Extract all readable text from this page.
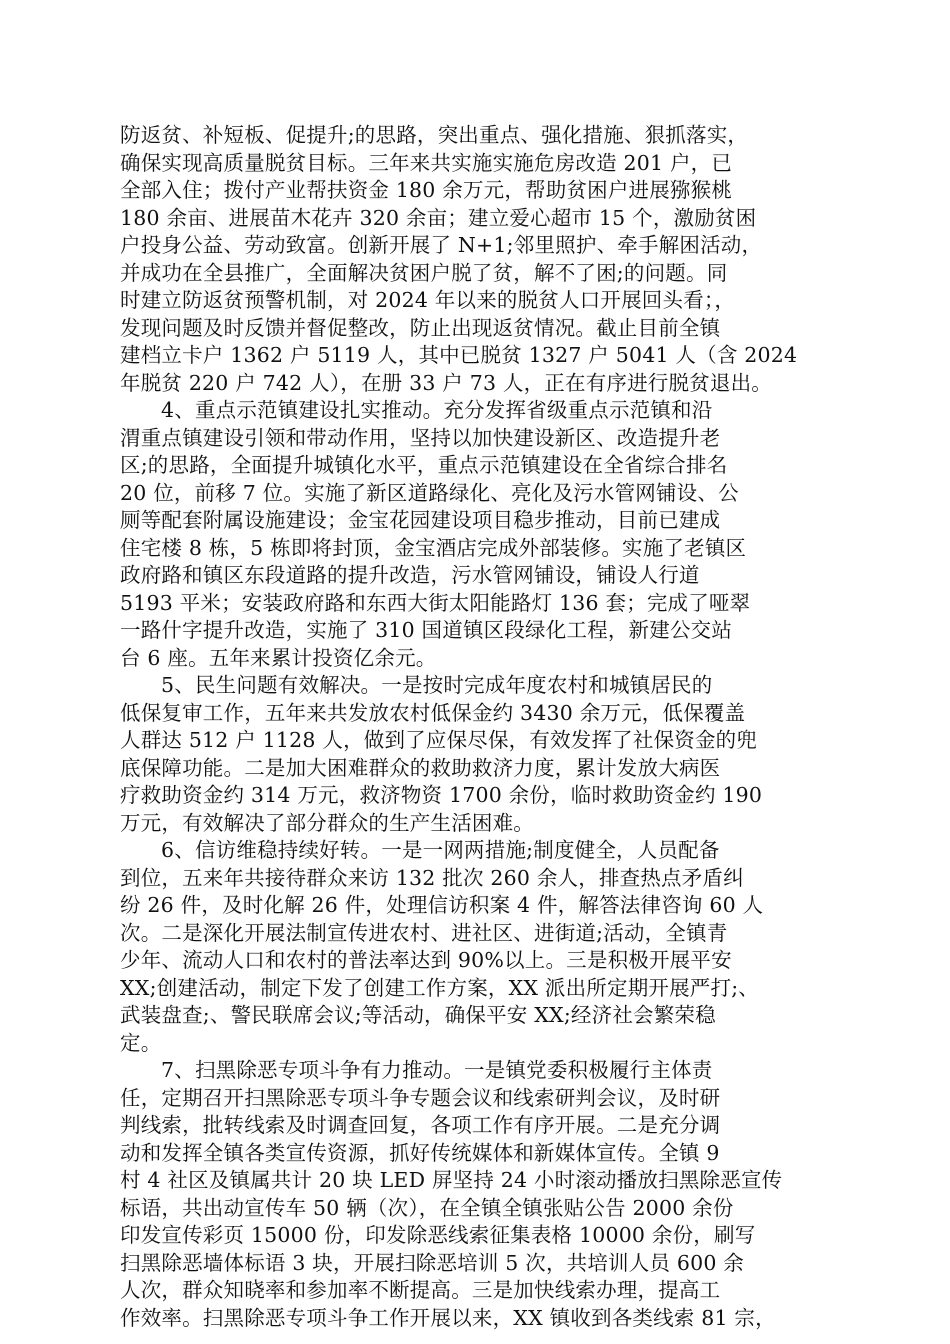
防返贫、补短板、促提升;的思路，突出重点、强化措施、狠抓落实，
确保实现高质量脱贫目标。三年来共实施实施危房改造 201 户，已
全部入住；拨付产业帮扶资金 180 余万元，帮助贫困户进展猕猴桃
180 余亩、进展苗木花卉 320 余亩；建立爱心超市 15 个，激励贫困
户投身公益、劳动致富。创新开展了 N+1;邻里照护、牵手解困活动，
并成功在全县推广，全面解决贫困户脱了贫，解不了困;的问题。同
时建立防返贫预警机制，对 2024 年以来的脱贫人口开展回头看；，
发现问题及时反馈并督促整改，防止出现返贫情况。截止目前全镇
建档立卡户 1362 户 5119 人，其中已脱贫 1327 户 5041 人（含 2024
年脱贫 220 户 742 人），在册 33 户 73 人，正在有序进行脱贫退出。
4、重点示范镇建设扎实推动。充分发挥省级重点示范镇和沿
渭重点镇建设引领和带动作用，坚持以加快建设新区、改造提升老
区;的思路，全面提升城镇化水平，重点示范镇建设在全省综合排名
20 位，前移 7 位。实施了新区道路绿化、亮化及污水管网铺设、公
厕等配套附属设施建设；金宝花园建设项目稳步推动，目前已建成
住宅楼 8 栋，5 栋即将封顶，金宝酒店完成外部装修。实施了老镇区
政府路和镇区东段道路的提升改造，污水管网铺设，铺设人行道
5193 平米；安装政府路和东西大街太阳能路灯 136 套；完成了哑翠
一路什字提升改造，实施了 310 国道镇区段绿化工程，新建公交站
台 6 座。五年来累计投资亿余元。
5、民生问题有效解决。一是按时完成年度农村和城镇居民的
低保复审工作，五年来共发放农村低保金约 3430 余万元，低保覆盖
人群达 512 户 1128 人，做到了应保尽保，有效发挥了社保资金的兜
底保障功能。二是加大困难群众的救助救济力度，累计发放大病医
疗救助资金约 314 万元，救济物资 1700 余份，临时救助资金约 190
万元，有效解决了部分群众的生产生活困难。
6、信访维稳持续好转。一是一网两措施;制度健全，人员配备
到位，五来年共接待群众来访 132 批次 260 余人，排查热点矛盾纠
纷 26 件，及时化解 26 件，处理信访积案 4 件，解答法律咨询 60 人
次。二是深化开展法制宣传进农村、进社区、进街道;活动，全镇青
少年、流动人口和农村的普法率达到 90%以上。三是积极开展平安
XX;创建活动，制定下发了创建工作方案，XX 派出所定期开展严打;、
武装盘查;、警民联席会议;等活动，确保平安 XX;经济社会繁荣稳
定。
7、扫黑除恶专项斗争有力推动。一是镇党委积极履行主体责
任，定期召开扫黑除恶专项斗争专题会议和线索研判会议，及时研
判线索，批转线索及时调查回复，各项工作有序开展。二是充分调
动和发挥全镇各类宣传资源，抓好传统媒体和新媒体宣传。全镇 9
村 4 社区及镇属共计 20 块 LED 屏坚持 24 小时滚动播放扫黑除恶宣传
标语，共出动宣传车 50 辆（次），在全镇全镇张贴公告 2000 余份
印发宣传彩页 15000 份，印发除恶线索征集表格 10000 余份，刷写
扫黑除恶墙体标语 3 块，开展扫除恶培训 5 次，共培训人员 600 余
人次，群众知晓率和参加率不断提高。三是加快线索办理，提高工
作效率。扫黑除恶专项斗争工作开展以来，XX 镇收到各类线索 81 宗，
